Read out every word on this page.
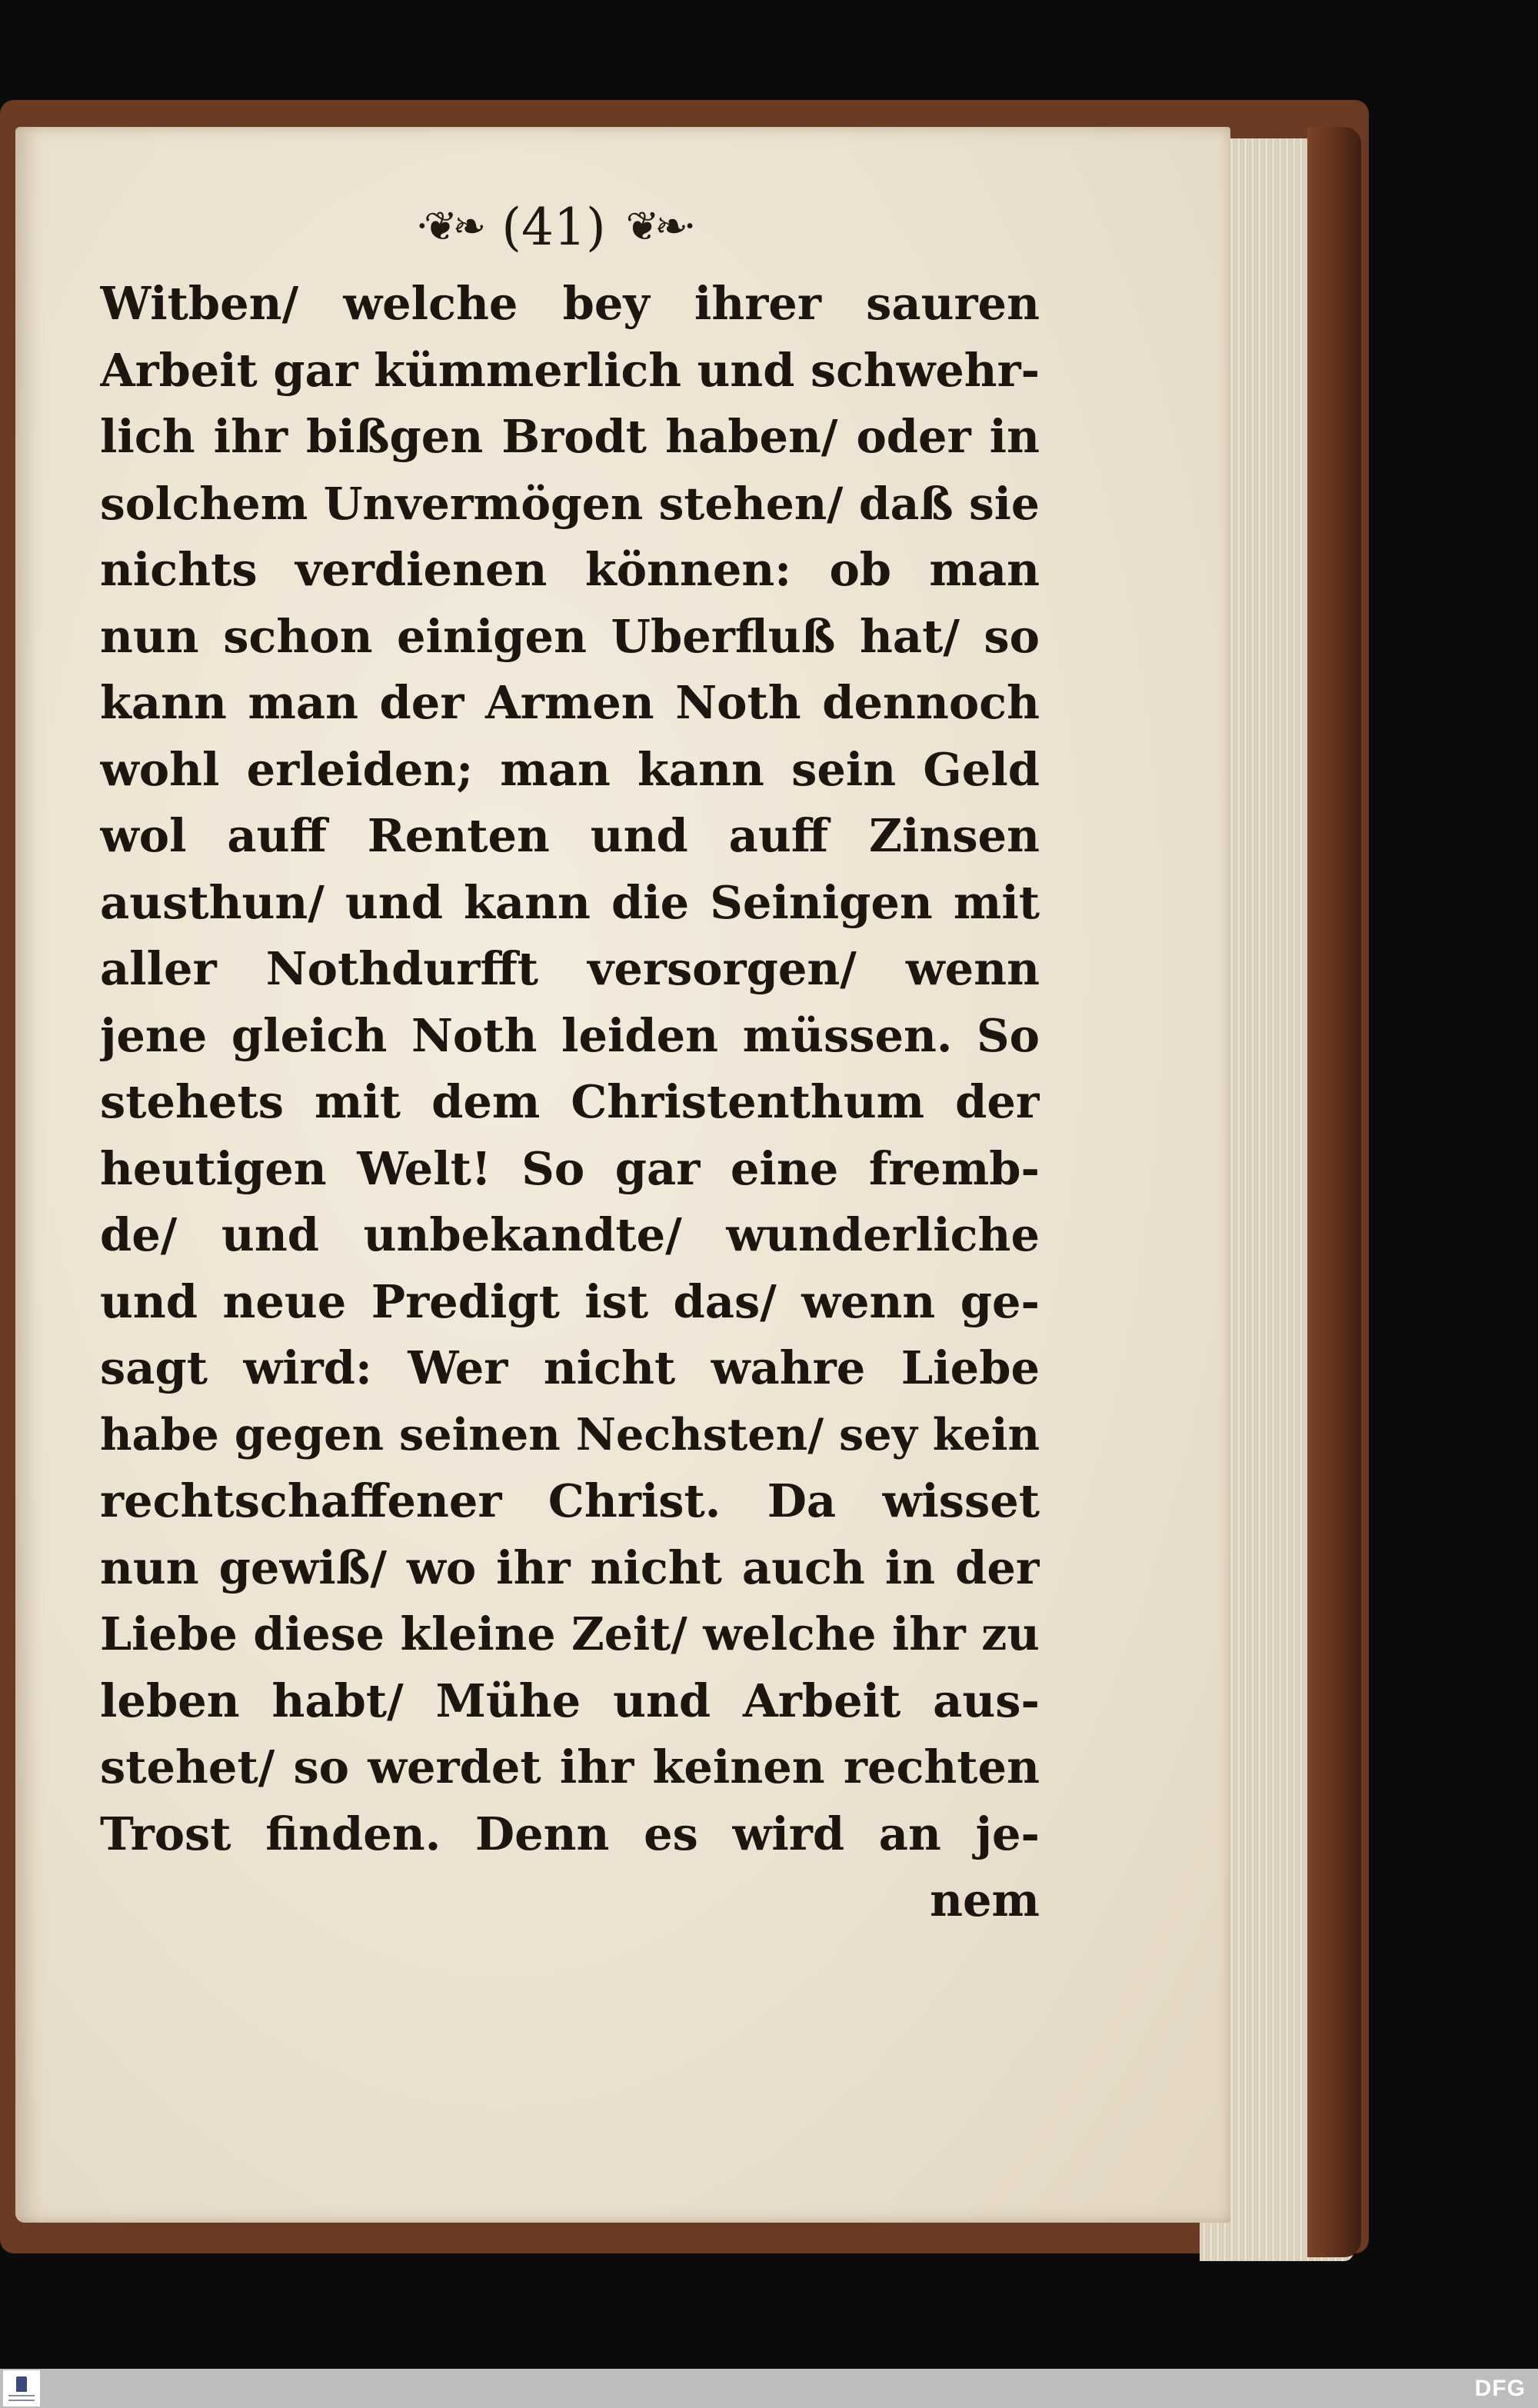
·❦❧ (41) ❦❧·
Witben/ welche bey ihrer sauren
Arbeit gar kümmerlich und schwehr-
lich ihr bißgen Brodt haben/ oder in
solchem Unvermögen stehen/ daß sie
nichts verdienen können: ob man
nun schon einigen Uberfluß hat/ so
kann man der Armen Noth dennoch
wohl erleiden; man kann sein Geld
wol auff Renten und auff Zinsen
austhun/ und kann die Seinigen mit
aller Nothdurfft versorgen/ wenn
jene gleich Noth leiden müssen. So
stehets mit dem Christenthum der
heutigen Welt! So gar eine fremb-
de/ und unbekandte/ wunderliche
und neue Predigt ist das/ wenn ge-
sagt wird: Wer nicht wahre Liebe
habe gegen seinen Nechsten/ sey kein
rechtschaffener Christ. Da wisset
nun gewiß/ wo ihr nicht auch in der
Liebe diese kleine Zeit/ welche ihr zu
leben habt/ Mühe und Arbeit aus-
stehet/ so werdet ihr keinen rechten
Trost finden. Denn es wird an je-
nem
DFG
